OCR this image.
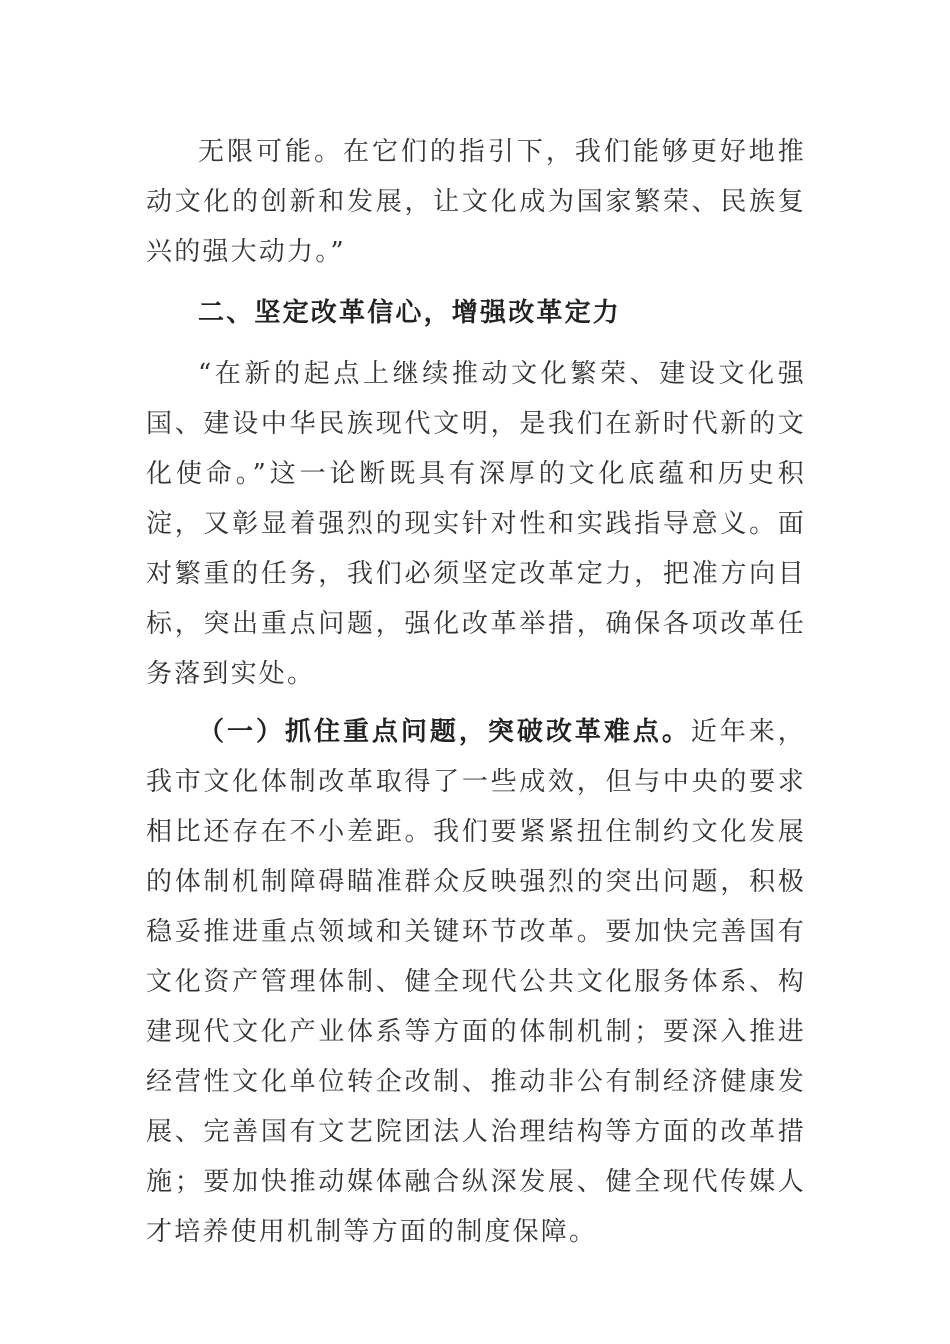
无限可能。在它们的指引下，我们能够更好地推动文化的创新和发展，让文化成为国家繁荣、民族复兴的强大动力。”

二、坚定改革信心，增强改革定力

“在新的起点上继续推动文化繁荣、建设文化强国、建设中华民族现代文明，是我们在新时代新的文化使命。”这一论断既具有深厚的文化底蕴和历史积淀，又彰显着强烈的现实针对性和实践指导意义。面对繁重的任务，我们必须坚定改革定力，把准方向目标，突出重点问题，强化改革举措，确保各项改革任务落到实处。

（一）抓住重点问题，突破改革难点。近年来，我市文化体制改革取得了一些成效，但与中央的要求相比还存在不小差距。我们要紧紧扭住制约文化发展的体制机制障碍瞄准群众反映强烈的突出问题，积极稳妥推进重点领域和关键环节改革。要加快完善国有文化资产管理体制、健全现代公共文化服务体系、构建现代文化产业体系等方面的体制机制；要深入推进经营性文化单位转企改制、推动非公有制经济健康发展、完善国有文艺院团法人治理结构等方面的改革措施；要加快推动媒体融合纵深发展、健全现代传媒人才培养使用机制等方面的制度保障。
